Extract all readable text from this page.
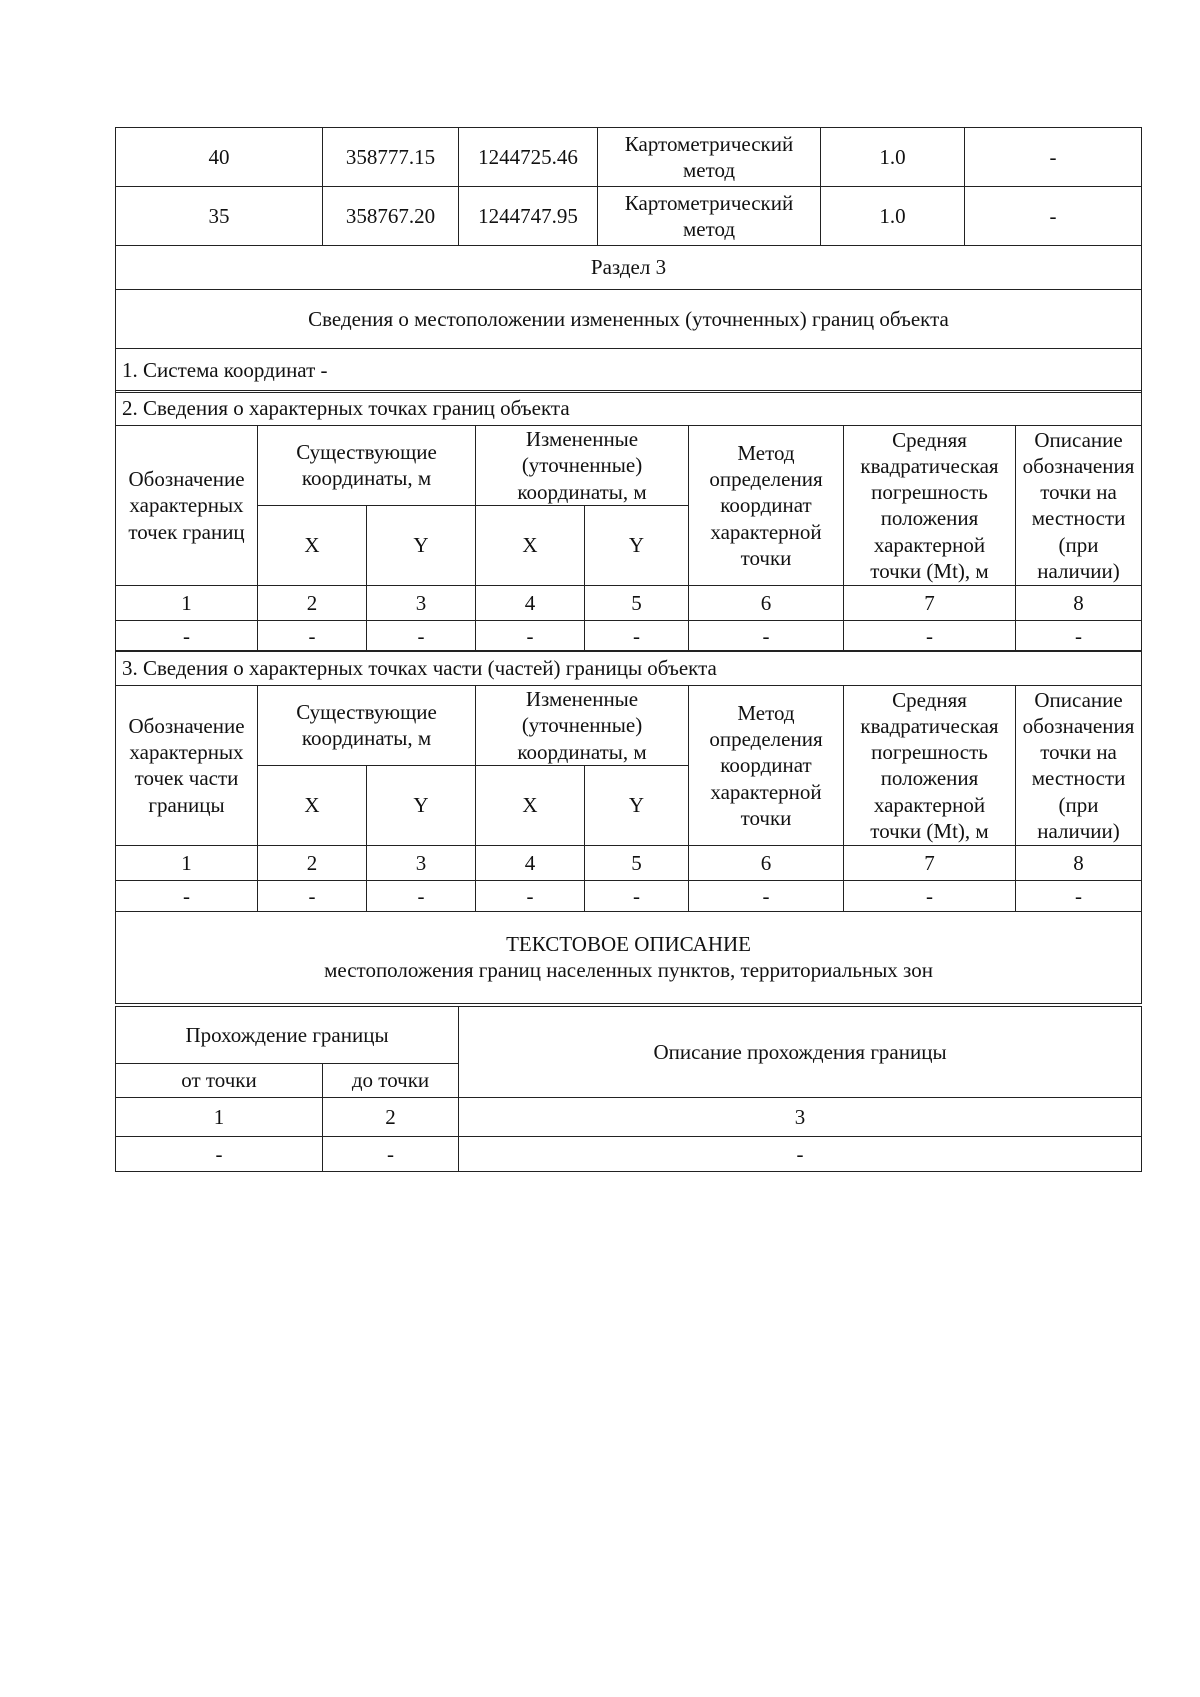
40	358777.15	1244725.46	Картометрический метод	1.0	-
35	358767.20	1244747.95	Картометрический метод	1.0	-
Раздел 3					
Сведения о местоположении измененных (уточненных) границ объекта					
1. Система координат -					
2. Сведения о характерных точках границ объекта							
Обозначение характерных точек границ	Существующие координаты, м		Измененные (уточненные) координаты, м		Метод определения координат характерной точки	Средняя квадратическая погрешность положения характерной точки (Mt), м	Описание обозначения точки на местности (при наличии)
	X	Y	X	Y			
1	2	3	4	5	6	7	8
-	-	-	-	-	-	-	-
3. Сведения о характерных точках части (частей) границы объекта							
Обозначение характерных точек части границы	Существующие координаты, м		Измененные (уточненные) координаты, м		Метод определения координат характерной точки	Средняя квадратическая погрешность положения характерной точки (Mt), м	Описание обозначения точки на местности (при наличии)
	X	Y	X	Y			
1	2	3	4	5	6	7	8
-	-	-	-	-	-	-	-

ТЕКСТОВОЕ ОПИСАНИЕ
местоположения границ населенных пунктов, территориальных зон							
Прохождение границы		Описание прохождения границы
от точки	до точки	
1	2	3
-	-	-
